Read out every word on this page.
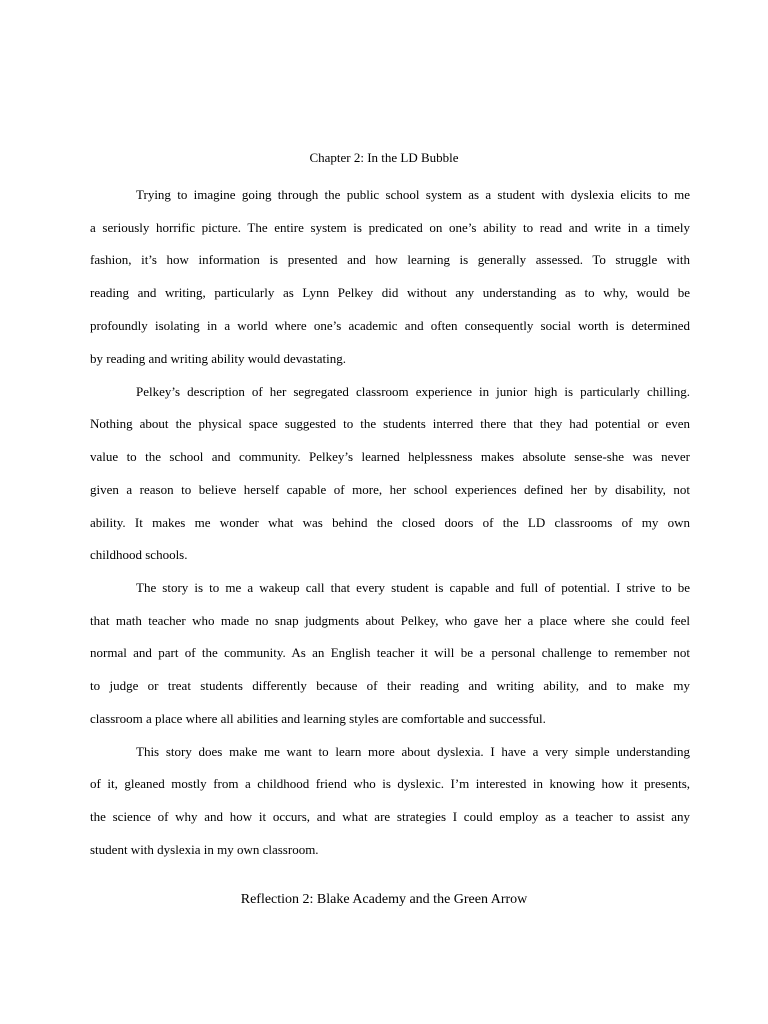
Chapter 2: In the LD Bubble
Trying to imagine going through the public school system as a student with dyslexia elicits to me
a seriously horrific picture. The entire system is predicated on one’s ability to read and write in a timely
fashion, it’s how information is presented and how learning is generally assessed. To struggle with
reading and writing, particularly as Lynn Pelkey did without any understanding as to why, would be
profoundly isolating in a world where one’s academic and often consequently social worth is determined
by reading and writing ability would devastating.
Pelkey’s description of her segregated classroom experience in junior high is particularly chilling.
Nothing about the physical space suggested to the students interred there that they had potential or even
value to the school and community. Pelkey’s learned helplessness makes absolute sense-she was never
given a reason to believe herself capable of more, her school experiences defined her by disability, not
ability. It makes me wonder what was behind the closed doors of the LD classrooms of my own
childhood schools.
The story is to me a wakeup call that every student is capable and full of potential. I strive to be
that math teacher who made no snap judgments about Pelkey, who gave her a place where she could feel
normal and part of the community. As an English teacher it will be a personal challenge to remember not
to judge or treat students differently because of their reading and writing ability, and to make my
classroom a place where all abilities and learning styles are comfortable and successful.
This story does make me want to learn more about dyslexia. I have a very simple understanding
of it, gleaned mostly from a childhood friend who is dyslexic. I’m interested in knowing how it presents,
the science of why and how it occurs, and what are strategies I could employ as a teacher to assist any
student with dyslexia in my own classroom.
Reflection 2: Blake Academy and the Green Arrow
